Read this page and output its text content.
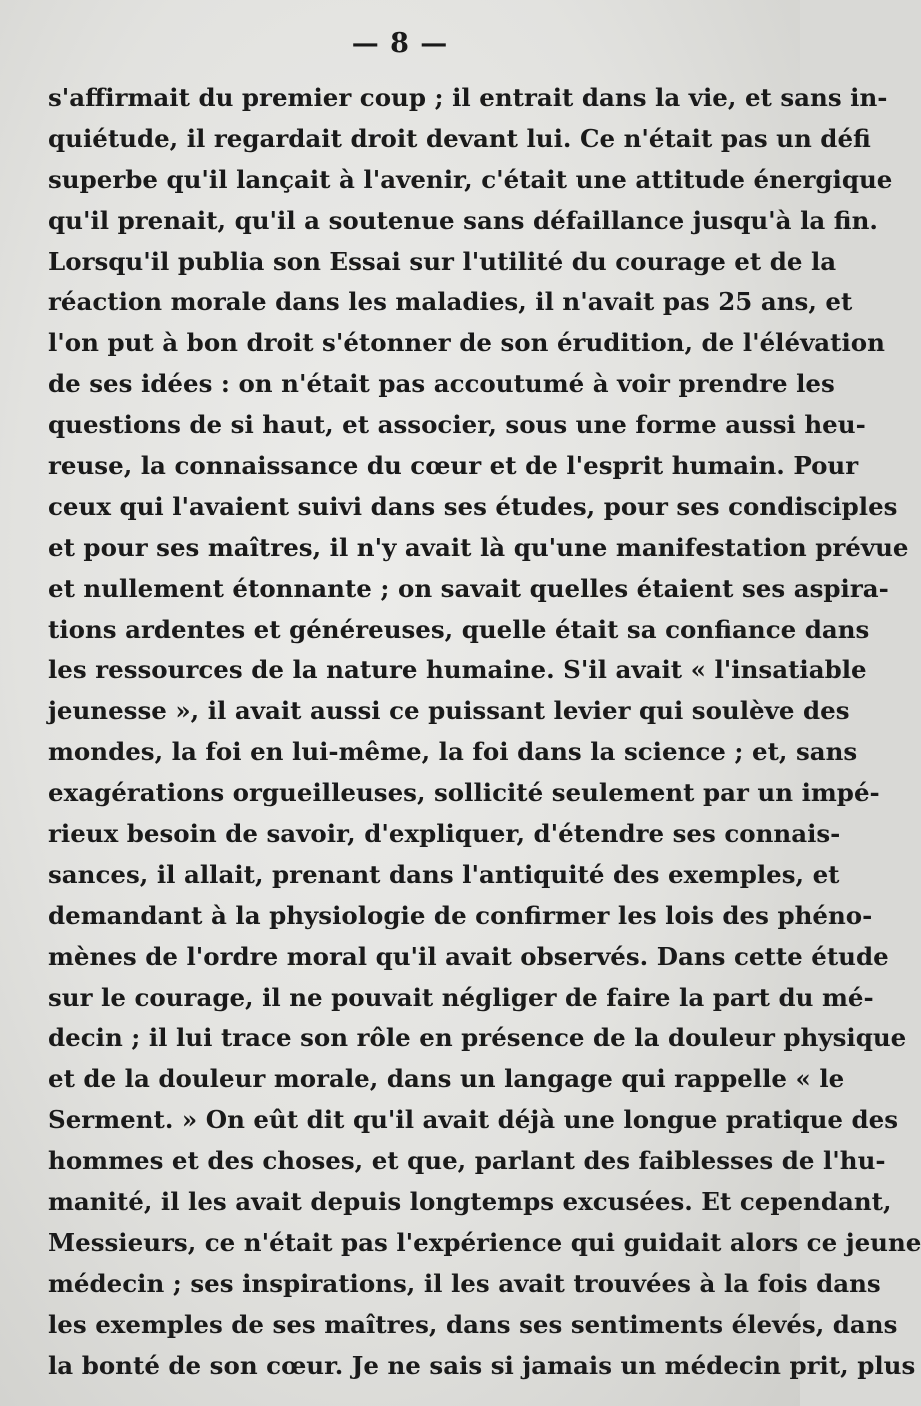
— 8 —
s'affirmait du premier coup ; il entrait dans la vie, et sans in-
quiétude, il regardait droit devant lui. Ce n'était pas un défi
superbe qu'il lançait à l'avenir, c'était une attitude énergique
qu'il prenait, qu'il a soutenue sans défaillance jusqu'à la fin.
Lorsqu'il publia son Essai sur l'utilité du courage et de la
réaction morale dans les maladies, il n'avait pas 25 ans, et
l'on put à bon droit s'étonner de son érudition, de l'élévation
de ses idées : on n'était pas accoutumé à voir prendre les
questions de si haut, et associer, sous une forme aussi heu-
reuse, la connaissance du cœur et de l'esprit humain. Pour
ceux qui l'avaient suivi dans ses études, pour ses condisciples
et pour ses maîtres, il n'y avait là qu'une manifestation prévue
et nullement étonnante ; on savait quelles étaient ses aspira-
tions ardentes et généreuses, quelle était sa confiance dans
les ressources de la nature humaine. S'il avait « l'insatiable
jeunesse », il avait aussi ce puissant levier qui soulève des
mondes, la foi en lui-même, la foi dans la science ; et, sans
exagérations orgueilleuses, sollicité seulement par un impé-
rieux besoin de savoir, d'expliquer, d'étendre ses connais-
sances, il allait, prenant dans l'antiquité des exemples, et
demandant à la physiologie de confirmer les lois des phéno-
mènes de l'ordre moral qu'il avait observés. Dans cette étude
sur le courage, il ne pouvait négliger de faire la part du mé-
decin ; il lui trace son rôle en présence de la douleur physique
et de la douleur morale, dans un langage qui rappelle « le
Serment. » On eût dit qu'il avait déjà une longue pratique des
hommes et des choses, et que, parlant des faiblesses de l'hu-
manité, il les avait depuis longtemps excusées. Et cependant,
Messieurs, ce n'était pas l'expérience qui guidait alors ce jeune
médecin ; ses inspirations, il les avait trouvées à la fois dans
les exemples de ses maîtres, dans ses sentiments élevés, dans
la bonté de son cœur. Je ne sais si jamais un médecin prit, plus
